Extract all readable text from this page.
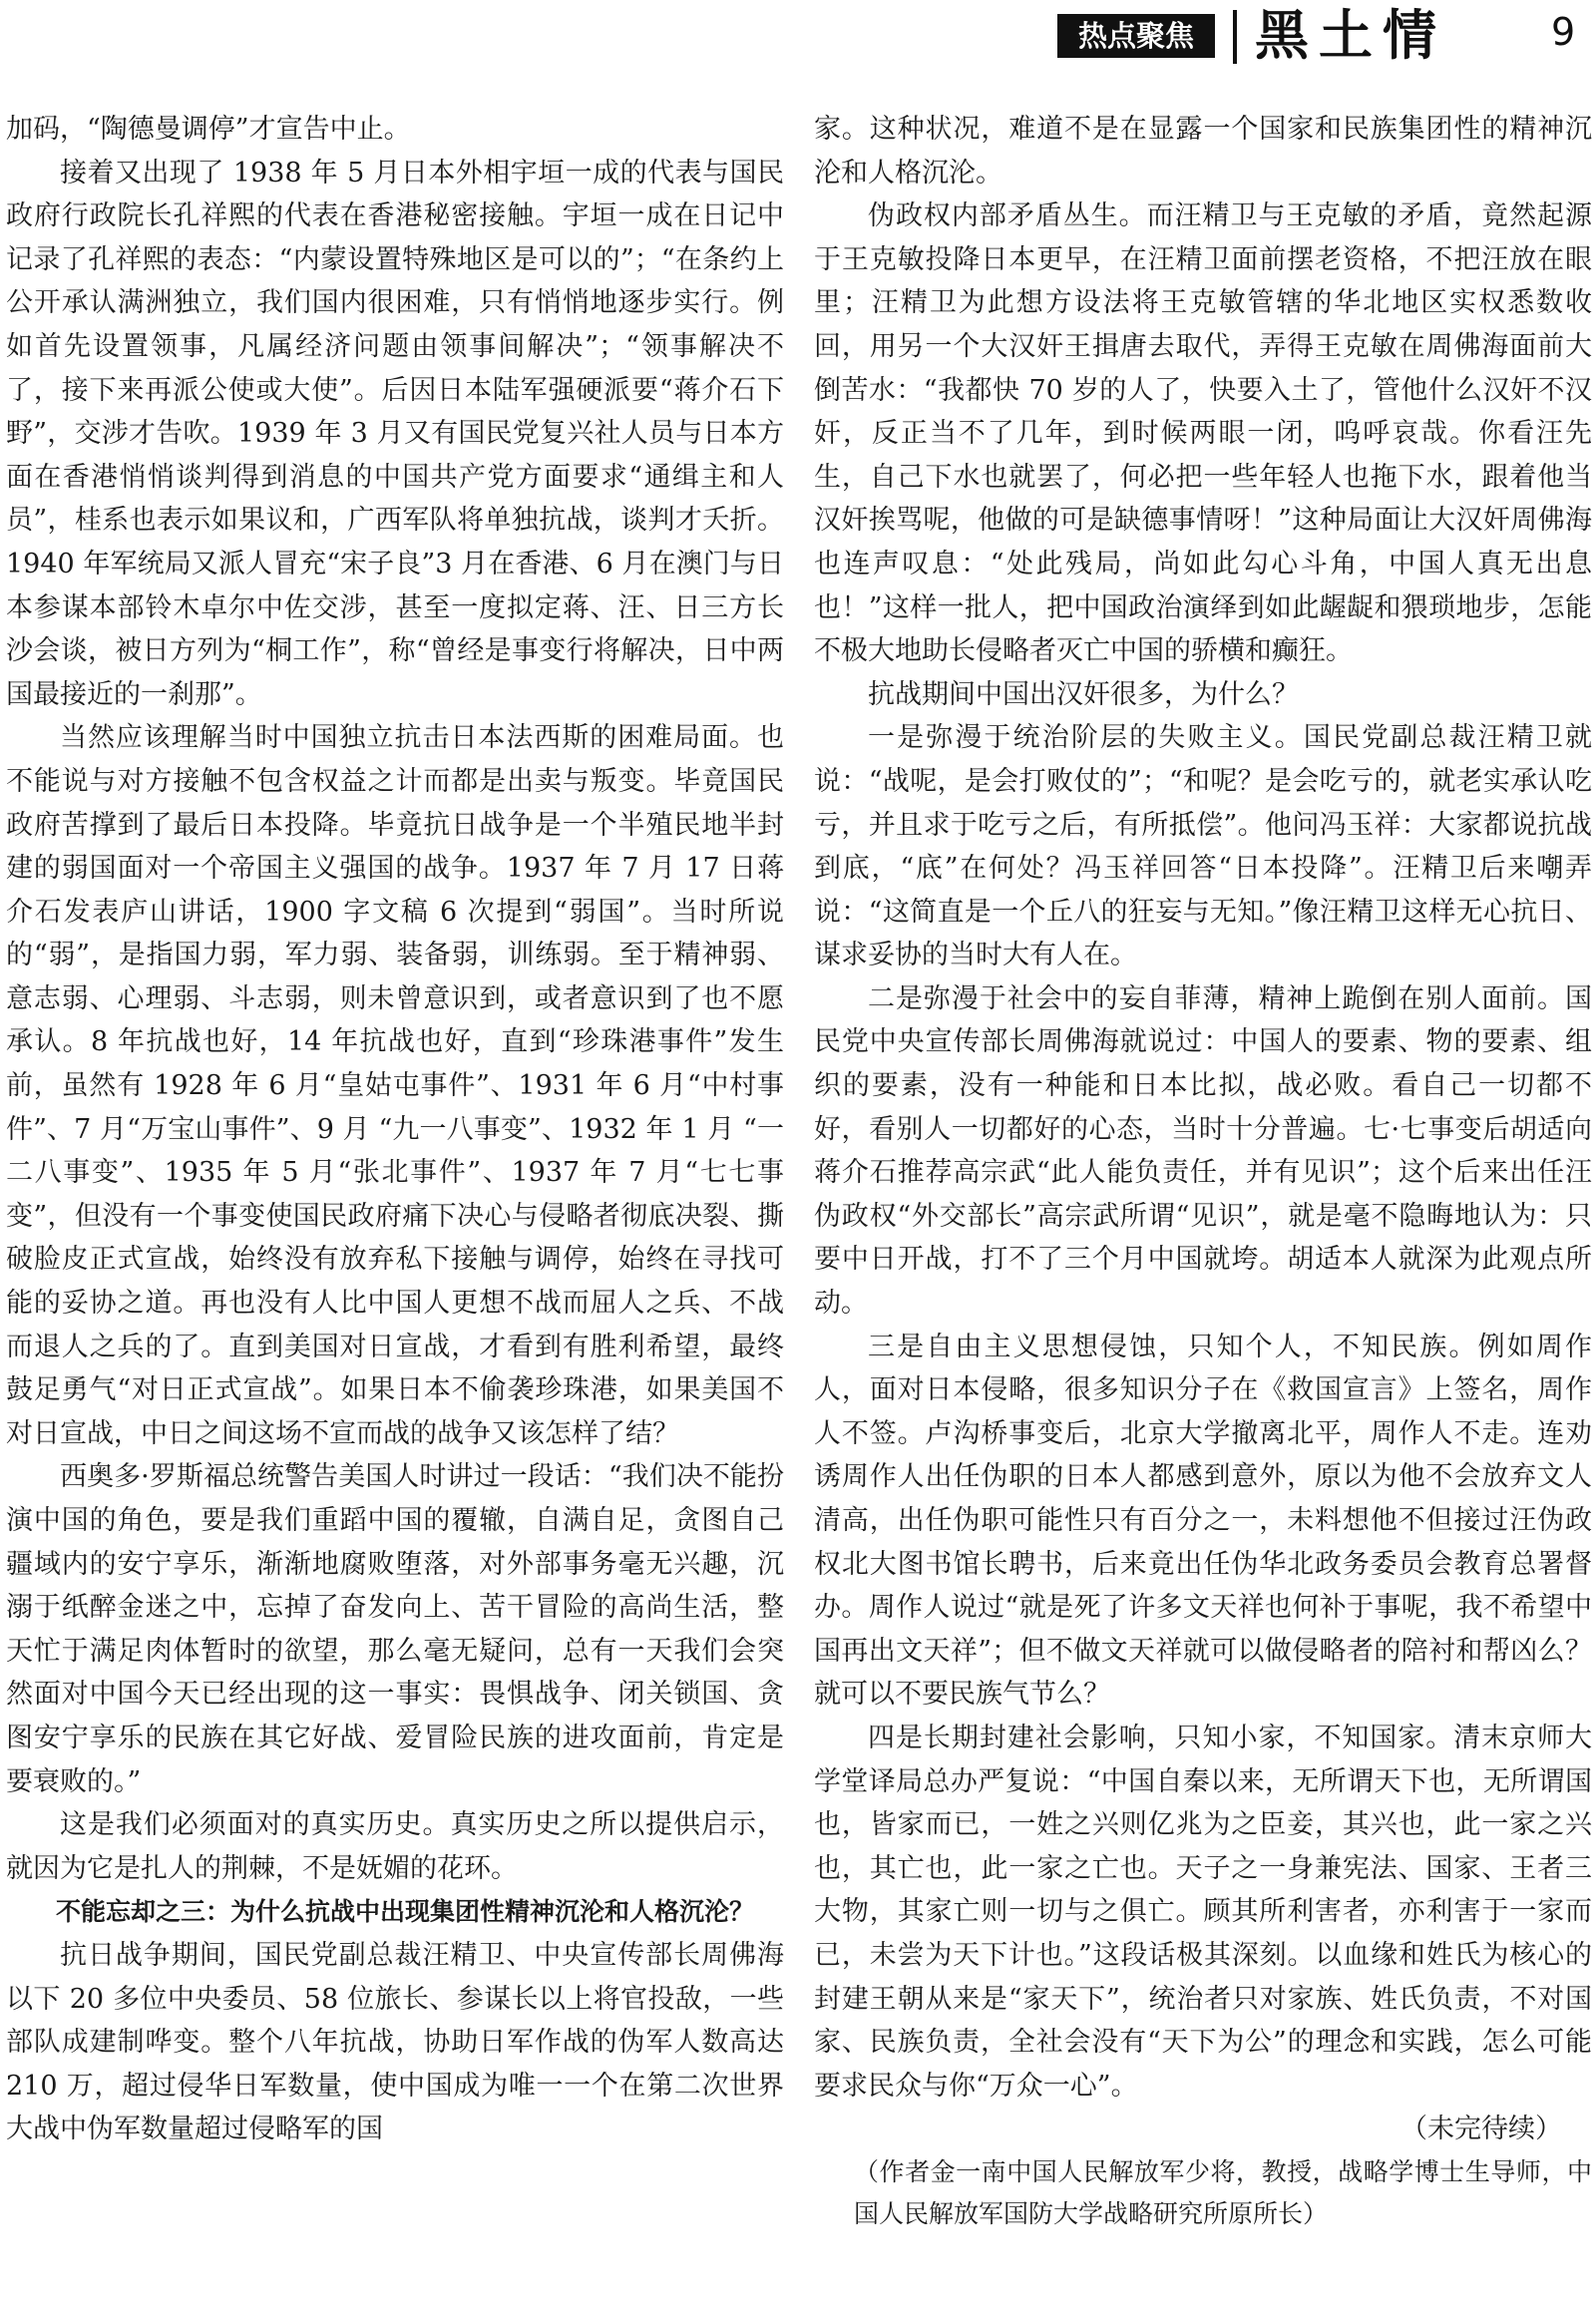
热点聚焦	黑土情	9

加码，“陶德曼调停”才宣告中止。

接着又出现了 1938 年 5 月日本外相宇垣一成的代表与国民政府行政院长孔祥熙的代表在香港秘密接触。宇垣一成在日记中记录了孔祥熙的表态：“内蒙设置特殊地区是可以的”；“在条约上公开承认满洲独立，我们国内很困难，只有悄悄地逐步实行。例如首先设置领事，凡属经济问题由领事间解决”；“领事解决不了，接下来再派公使或大使”。后因日本陆军强硬派要“蒋介石下野”，交涉才告吹。1939 年 3 月又有国民党复兴社人员与日本方面在香港悄悄谈判得到消息的中国共产党方面要求“通缉主和人员”，桂系也表示如果议和，广西军队将单独抗战，谈判才夭折。1940 年军统局又派人冒充“宋子良”3 月在香港、6 月在澳门与日本参谋本部铃木卓尔中佐交涉，甚至一度拟定蒋、汪、日三方长沙会谈，被日方列为“桐工作”，称“曾经是事变行将解决，日中两国最接近的一刹那”。

当然应该理解当时中国独立抗击日本法西斯的困难局面。也不能说与对方接触不包含权益之计而都是出卖与叛变。毕竟国民政府苦撑到了最后日本投降。毕竟抗日战争是一个半殖民地半封建的弱国面对一个帝国主义强国的战争。1937 年 7 月 17 日蒋介石发表庐山讲话，1900 字文稿 6 次提到“弱国”。当时所说的“弱”，是指国力弱，军力弱、装备弱，训练弱。至于精神弱、意志弱、心理弱、斗志弱，则未曾意识到，或者意识到了也不愿承认。8 年抗战也好，14 年抗战也好，直到“珍珠港事件”发生前，虽然有 1928 年 6 月“皇姑屯事件”、1931 年 6 月“中村事件”、7 月“万宝山事件”、9 月 “九一八事变”、1932 年 1 月 “一二八事变”、1935 年 5 月“张北事件”、1937 年 7 月“七七事变”，但没有一个事变使国民政府痛下决心与侵略者彻底决裂、撕破脸皮正式宣战，始终没有放弃私下接触与调停，始终在寻找可能的妥协之道。再也没有人比中国人更想不战而屈人之兵、不战而退人之兵的了。直到美国对日宣战，才看到有胜利希望，最终鼓足勇气“对日正式宣战”。如果日本不偷袭珍珠港，如果美国不对日宣战，中日之间这场不宣而战的战争又该怎样了结？

西奥多·罗斯福总统警告美国人时讲过一段话：“我们决不能扮演中国的角色，要是我们重蹈中国的覆辙，自满自足，贪图自己疆域内的安宁享乐，渐渐地腐败堕落，对外部事务毫无兴趣，沉溺于纸醉金迷之中，忘掉了奋发向上、苦干冒险的高尚生活，整天忙于满足肉体暂时的欲望，那么毫无疑问，总有一天我们会突然面对中国今天已经出现的这一事实：畏惧战争、闭关锁国、贪图安宁享乐的民族在其它好战、爱冒险民族的进攻面前，肯定是要衰败的。”

这是我们必须面对的真实历史。真实历史之所以提供启示，就因为它是扎人的荆棘，不是妩媚的花环。

不能忘却之三：为什么抗战中出现集团性精神沉沦和人格沉沦？

抗日战争期间，国民党副总裁汪精卫、中央宣传部长周佛海以下 20 多位中央委员、58 位旅长、参谋长以上将官投敌，一些部队成建制哗变。整个八年抗战，协助日军作战的伪军人数高达 210 万，超过侵华日军数量，使中国成为唯一一个在第二次世界大战中伪军数量超过侵略军的国

家。这种状况，难道不是在显露一个国家和民族集团性的精神沉沦和人格沉沦。

伪政权内部矛盾丛生。而汪精卫与王克敏的矛盾，竟然起源于王克敏投降日本更早，在汪精卫面前摆老资格，不把汪放在眼里；汪精卫为此想方设法将王克敏管辖的华北地区实权悉数收回，用另一个大汉奸王揖唐去取代，弄得王克敏在周佛海面前大倒苦水：“我都快 70 岁的人了，快要入土了，管他什么汉奸不汉奸，反正当不了几年，到时候两眼一闭，呜呼哀哉。你看汪先生，自己下水也就罢了，何必把一些年轻人也拖下水，跟着他当汉奸挨骂呢，他做的可是缺德事情呀！”这种局面让大汉奸周佛海也连声叹息：“处此残局，尚如此勾心斗角，中国人真无出息也！”这样一批人，把中国政治演绎到如此龌龊和猥琐地步，怎能不极大地助长侵略者灭亡中国的骄横和癫狂。

抗战期间中国出汉奸很多，为什么？

一是弥漫于统治阶层的失败主义。国民党副总裁汪精卫就说：“战呢，是会打败仗的”；“和呢？是会吃亏的，就老实承认吃亏，并且求于吃亏之后，有所抵偿”。他问冯玉祥：大家都说抗战到底，“底”在何处？冯玉祥回答“日本投降”。汪精卫后来嘲弄说：“这简直是一个丘八的狂妄与无知。”像汪精卫这样无心抗日、谋求妥协的当时大有人在。

二是弥漫于社会中的妄自菲薄，精神上跪倒在别人面前。国民党中央宣传部长周佛海就说过：中国人的要素、物的要素、组织的要素，没有一种能和日本比拟，战必败。看自己一切都不好，看别人一切都好的心态，当时十分普遍。七·七事变后胡适向蒋介石推荐高宗武“此人能负责任，并有见识”；这个后来出任汪伪政权“外交部长”高宗武所谓“见识”，就是毫不隐晦地认为：只要中日开战，打不了三个月中国就垮。胡适本人就深为此观点所动。

三是自由主义思想侵蚀，只知个人，不知民族。例如周作人，面对日本侵略，很多知识分子在《救国宣言》上签名，周作人不签。卢沟桥事变后，北京大学撤离北平，周作人不走。连劝诱周作人出任伪职的日本人都感到意外，原以为他不会放弃文人清高，出任伪职可能性只有百分之一，未料想他不但接过汪伪政权北大图书馆长聘书，后来竟出任伪华北政务委员会教育总署督办。周作人说过“就是死了许多文天祥也何补于事呢，我不希望中国再出文天祥”；但不做文天祥就可以做侵略者的陪衬和帮凶么？就可以不要民族气节么？

四是长期封建社会影响，只知小家，不知国家。清末京师大学堂译局总办严复说：“中国自秦以来，无所谓天下也，无所谓国也，皆家而已，一姓之兴则亿兆为之臣妾，其兴也，此一家之兴也，其亡也，此一家之亡也。天子之一身兼宪法、国家、王者三大物，其家亡则一切与之俱亡。顾其所利害者，亦利害于一家而已，未尝为天下计也。”这段话极其深刻。以血缘和姓氏为核心的封建王朝从来是“家天下”，统治者只对家族、姓氏负责，不对国家、民族负责，全社会没有“天下为公”的理念和实践，怎么可能要求民众与你“万众一心”。

（未完待续）

（作者金一南中国人民解放军少将，教授，战略学博士生导师，中国人民解放军国防大学战略研究所原所长）
